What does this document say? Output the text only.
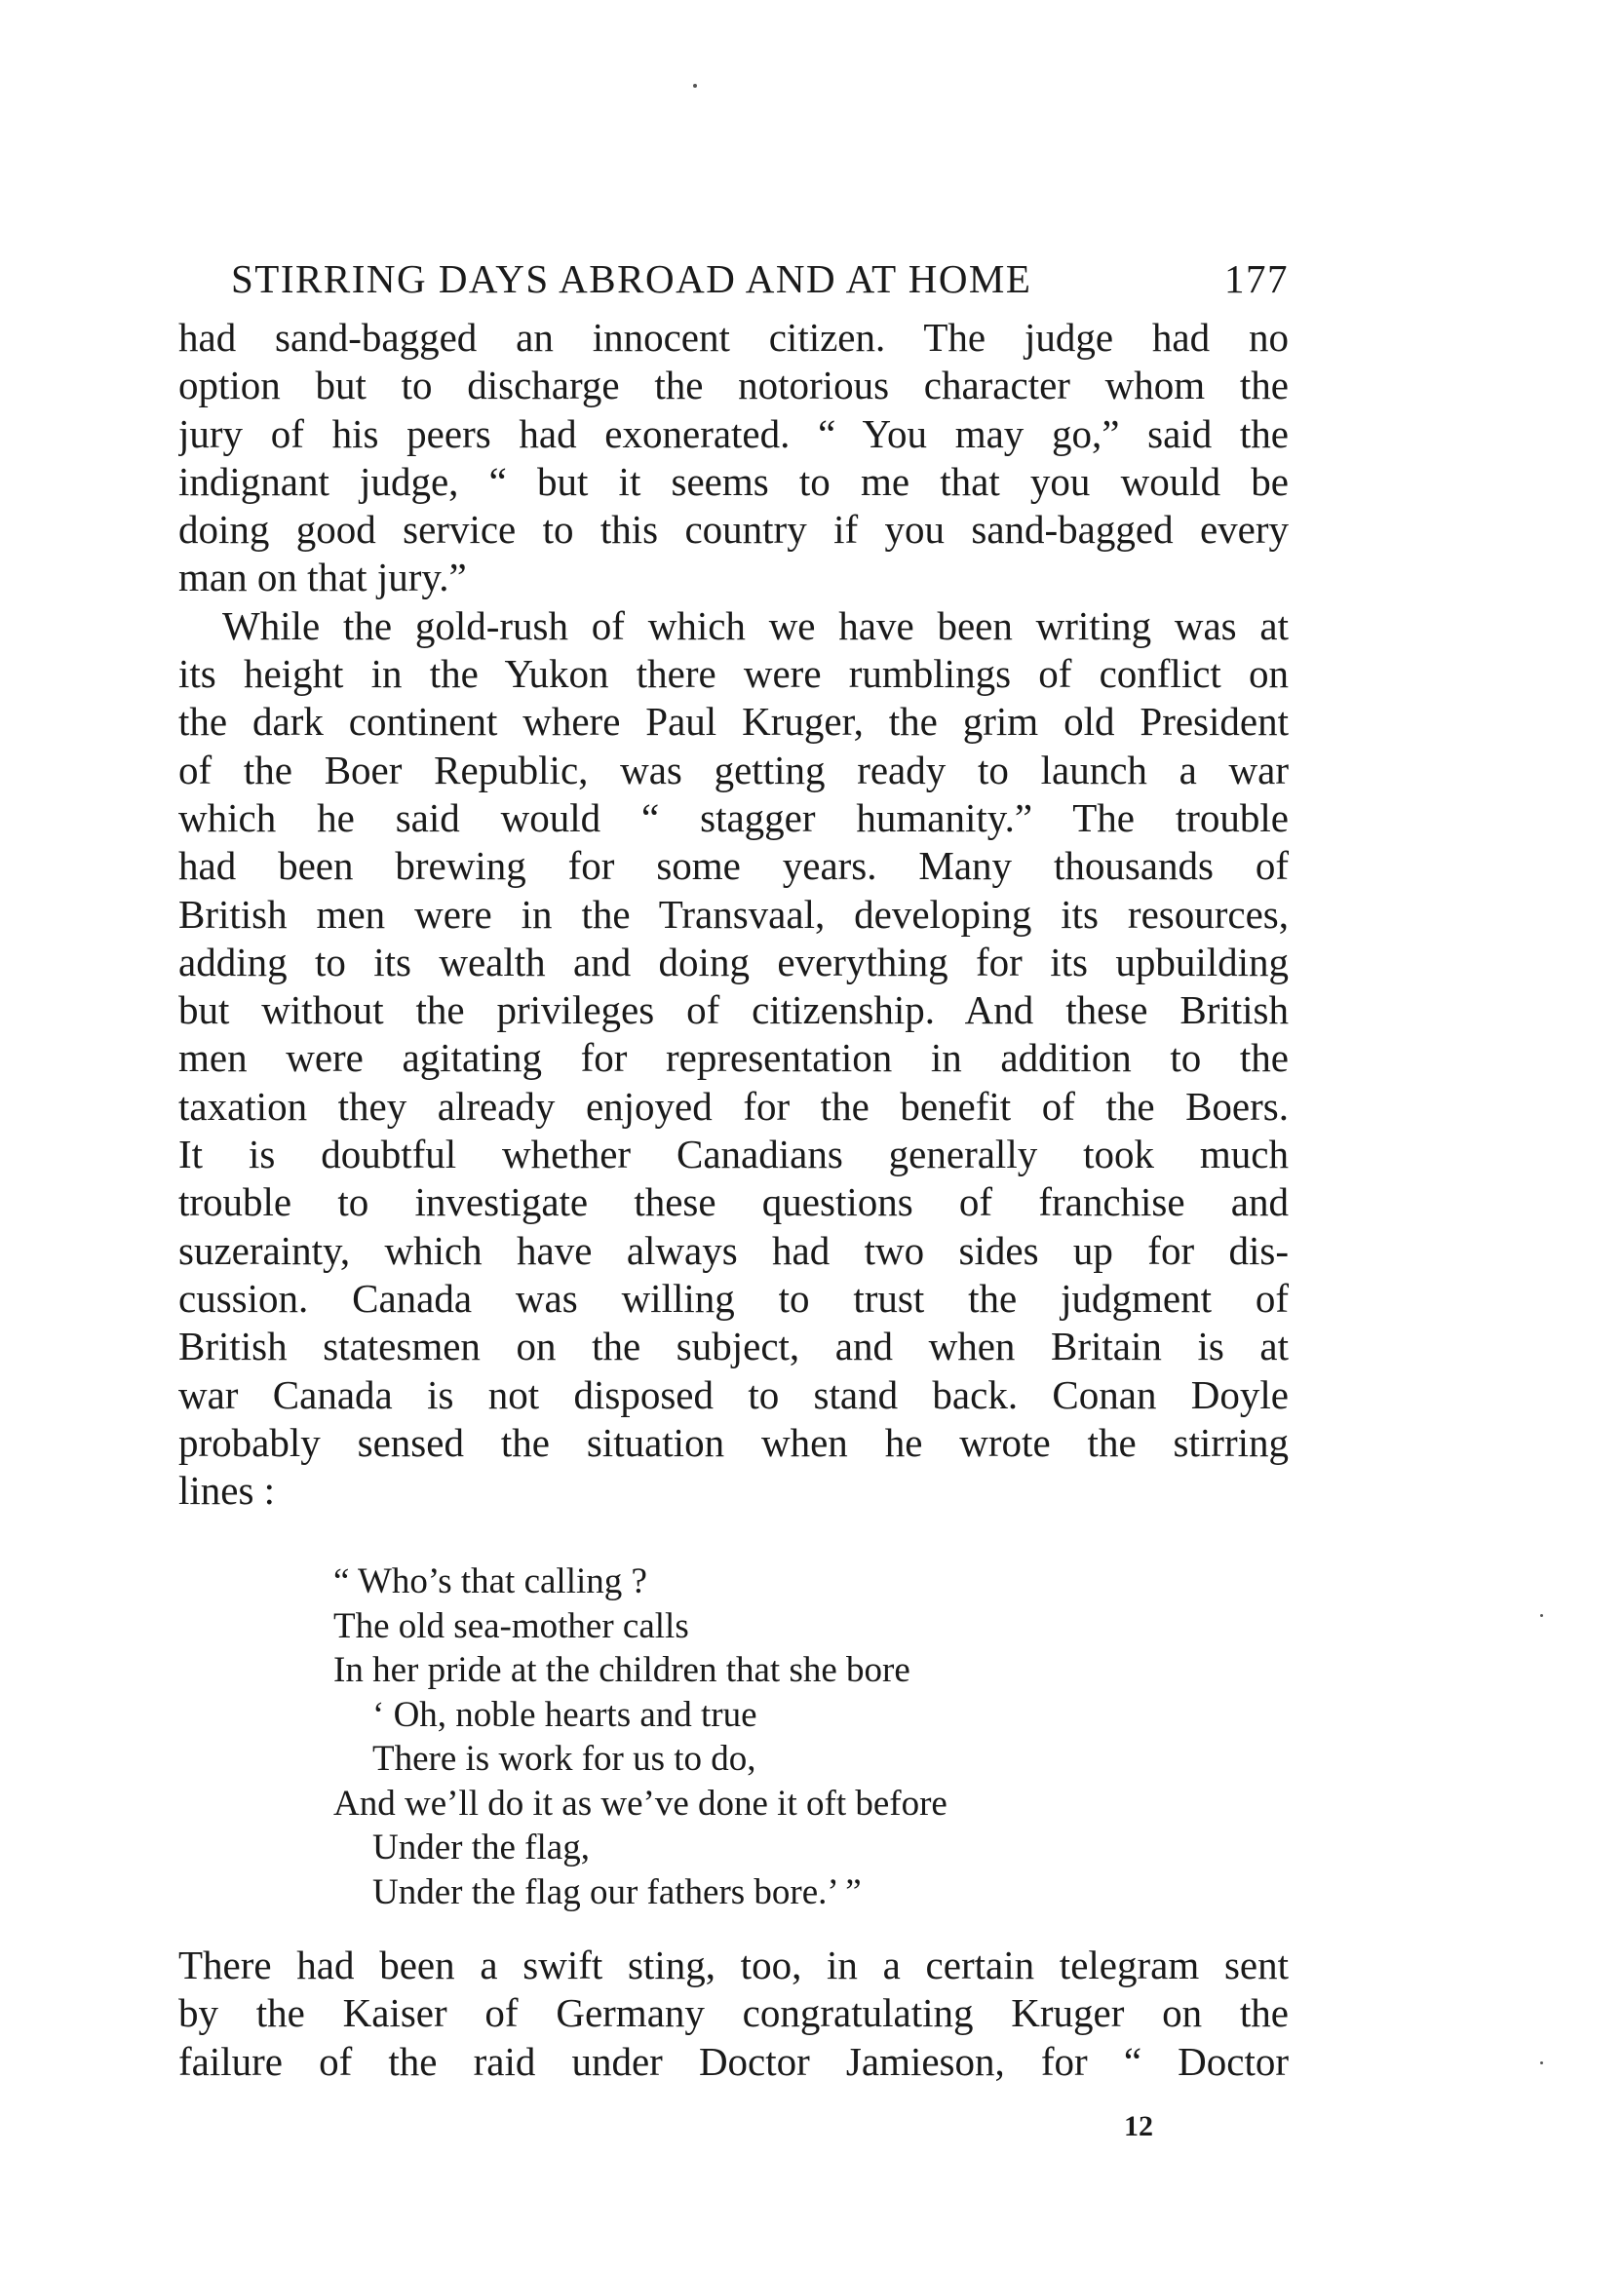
STIRRING DAYS ABROAD AND AT HOME	177
had sand-bagged an innocent citizen. The judge had no
option but to discharge the notorious character whom the
jury of his peers had exonerated. “ You may go,” said the
indignant judge, “ but it seems to me that you would be
doing good service to this country if you sand-bagged every
man on that jury.”
While the gold-rush of which we have been writing was at
its height in the Yukon there were rumblings of conflict on
the dark continent where Paul Kruger, the grim old President
of the Boer Republic, was getting ready to launch a war
which he said would “ stagger humanity.” The trouble
had been brewing for some years. Many thousands of
British men were in the Transvaal, developing its resources,
adding to its wealth and doing everything for its upbuilding
but without the privileges of citizenship. And these British
men were agitating for representation in addition to the
taxation they already enjoyed for the benefit of the Boers.
It is doubtful whether Canadians generally took much
trouble to investigate these questions of franchise and
suzerainty, which have always had two sides up for dis-
cussion. Canada was willing to trust the judgment of
British statesmen on the subject, and when Britain is at
war Canada is not disposed to stand back. Conan Doyle
probably sensed the situation when he wrote the stirring
lines :
“ Who’s that calling ?
The old sea-mother calls
In her pride at the children that she bore
‘ Oh, noble hearts and true
There is work for us to do,
And we’ll do it as we’ve done it oft before
Under the flag,
Under the flag our fathers bore.’ ”
There had been a swift sting, too, in a certain telegram sent
by the Kaiser of Germany congratulating Kruger on the
failure of the raid under Doctor Jamieson, for “ Doctor
12
